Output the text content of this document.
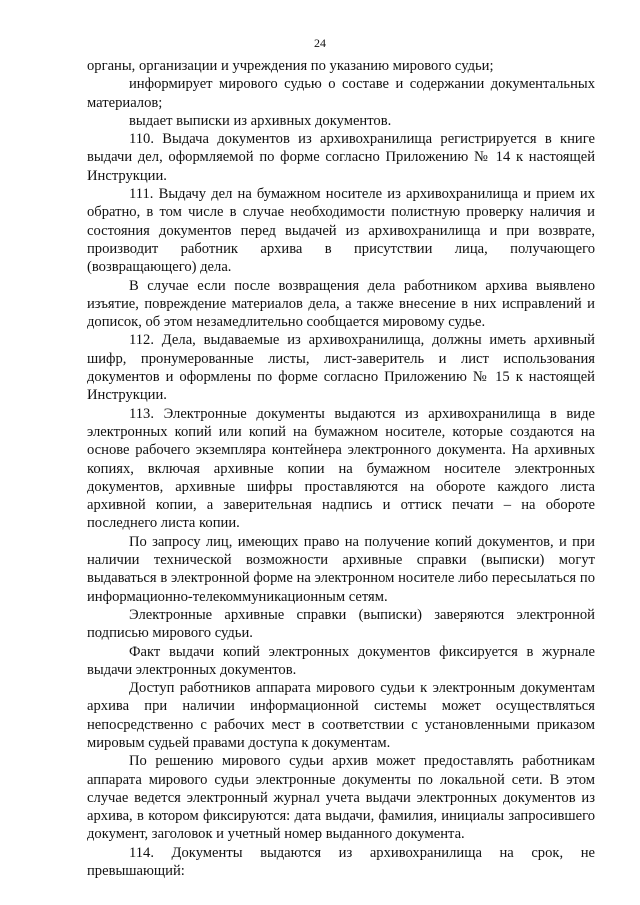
24

органы, организации и учреждения по указанию мирового судьи;

информирует мирового судью о составе и содержании документальных материалов;

выдает выписки из архивных документов.

110. Выдача документов из архивохранилища регистрируется в книге выдачи дел, оформляемой по форме согласно Приложению № 14 к настоящей Инструкции.

111. Выдачу дел на бумажном носителе из архивохранилища и прием их обратно, в том числе в случае необходимости полистную проверку наличия и состояния документов перед выдачей из архивохранилища и при возврате, производит работник архива в присутствии лица, получающего (возвращающего) дела.

В случае если после возвращения дела работником архива выявлено изъятие, повреждение материалов дела, а также внесение в них исправлений и дописок, об этом незамедлительно сообщается мировому судье.

112. Дела, выдаваемые из архивохранилища, должны иметь архивный шифр, пронумерованные листы, лист-заверитель и лист использования документов и оформлены по форме согласно Приложению № 15 к настоящей Инструкции.

113. Электронные документы выдаются из архивохранилища в виде электронных копий или копий на бумажном носителе, которые создаются на основе рабочего экземпляра контейнера электронного документа. На архивных копиях, включая архивные копии на бумажном носителе электронных документов, архивные шифры проставляются на обороте каждого листа архивной копии, а заверительная надпись и оттиск печати – на обороте последнего листа копии.

По запросу лиц, имеющих право на получение копий документов, и при наличии технической возможности архивные справки (выписки) могут выдаваться в электронной форме на электронном носителе либо пересылаться по информационно-телекоммуникационным сетям.

Электронные архивные справки (выписки) заверяются электронной подписью мирового судьи.

Факт выдачи копий электронных документов фиксируется в журнале выдачи электронных документов.

Доступ работников аппарата мирового судьи к электронным документам архива при наличии информационной системы может осуществляться непосредственно с рабочих мест в соответствии с установленными приказом мировым судьей правами доступа к документам.

По решению мирового судьи архив может предоставлять работникам аппарата мирового судьи электронные документы по локальной сети. В этом случае ведется электронный журнал учета выдачи электронных документов из архива, в котором фиксируются: дата выдачи, фамилия, инициалы запросившего документ, заголовок и учетный номер выданного документа.

114. Документы выдаются из архивохранилища на срок, не превышающий:
